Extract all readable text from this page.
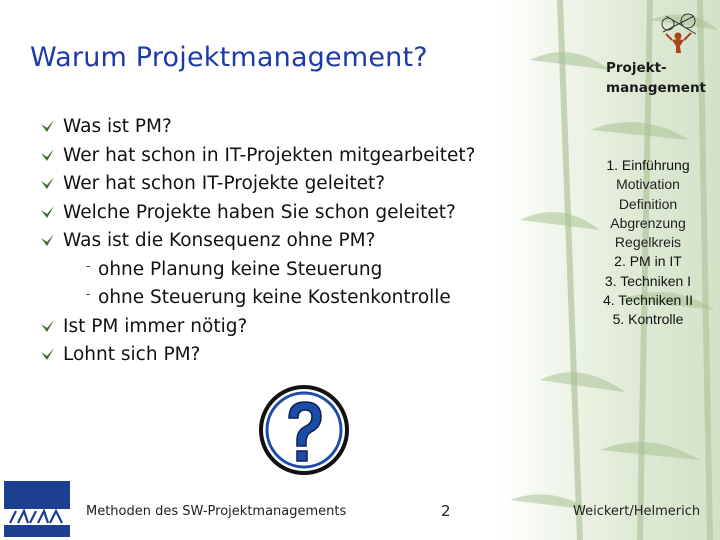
Warum Projektmanagement?
Was ist PM?
Wer hat schon in IT-Projekten mitgearbeitet?
Wer hat schon IT-Projekte geleitet?
Welche Projekte haben Sie schon geleitet?
Was ist die Konsequenz ohne PM?
- ohne Planung keine Steuerung
- ohne Steuerung keine Kostenkontrolle
Ist PM immer nötig?
Lohnt sich PM?
Methoden des SW-Projektmanagements	2	Weickert/Helmerich
Projekt-
management
1. Einführung
Motivation
Definition
Abgrenzung
Regelkreis
2. PM in IT
3. Techniken I
4. Techniken II
5. Kontrolle
